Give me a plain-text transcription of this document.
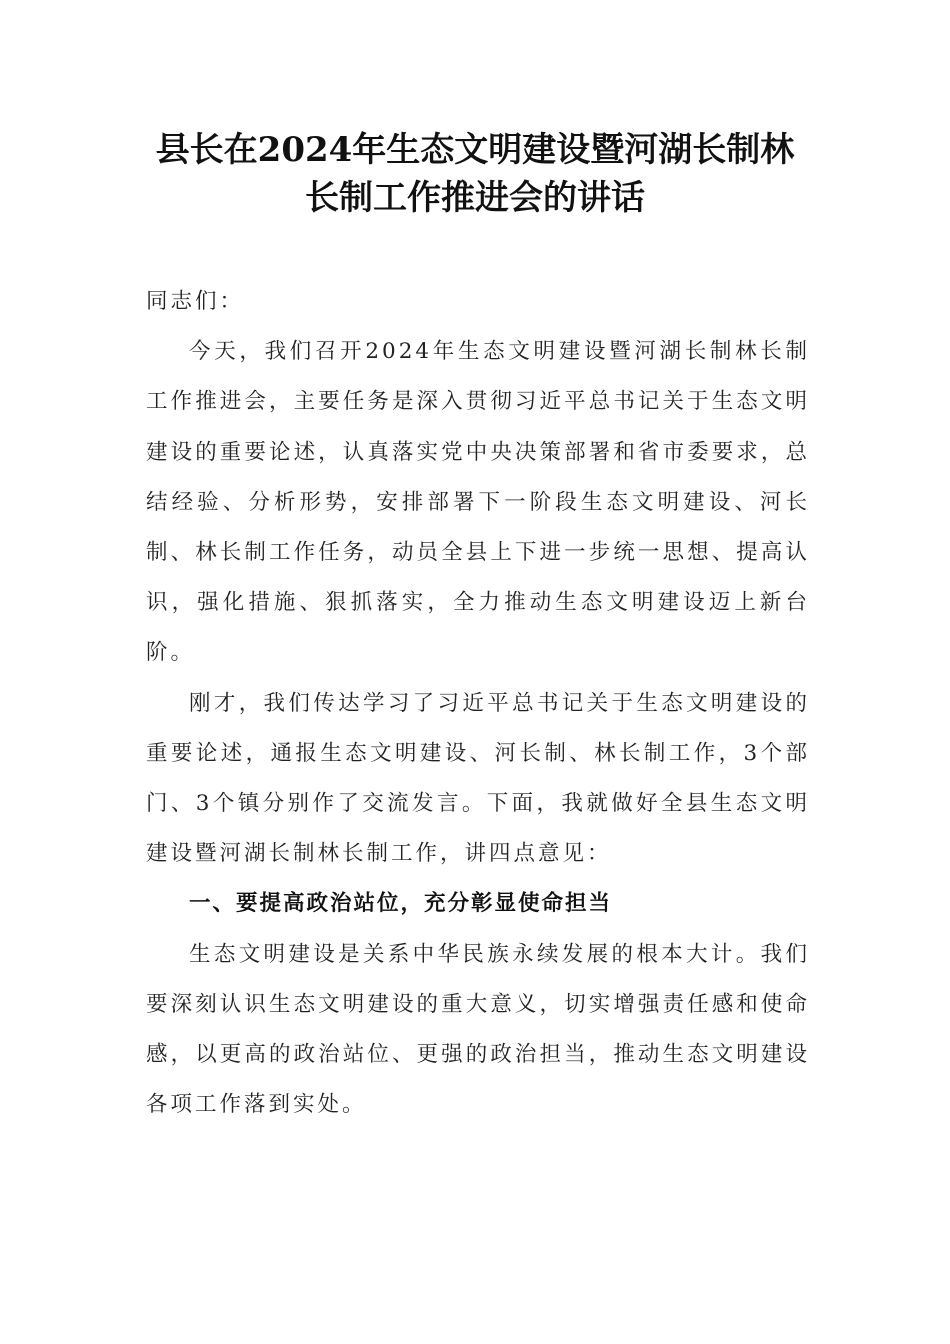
县长在2024年生态文明建设暨河湖长制林
长制工作推进会的讲话

同志们：

今天，我们召开2024年生态文明建设暨河湖长制林长制工作推进会，主要任务是深入贯彻习近平总书记关于生态文明建设的重要论述，认真落实党中央决策部署和省市委要求，总结经验、分析形势，安排部署下一阶段生态文明建设、河长制、林长制工作任务，动员全县上下进一步统一思想、提高认识，强化措施、狠抓落实，全力推动生态文明建设迈上新台阶。

刚才，我们传达学习了习近平总书记关于生态文明建设的重要论述，通报生态文明建设、河长制、林长制工作，3个部门、3个镇分别作了交流发言。下面，我就做好全县生态文明建设暨河湖长制林长制工作，讲四点意见：

一、要提高政治站位，充分彰显使命担当

生态文明建设是关系中华民族永续发展的根本大计。我们要深刻认识生态文明建设的重大意义，切实增强责任感和使命感，以更高的政治站位、更强的政治担当，推动生态文明建设各项工作落到实处。
